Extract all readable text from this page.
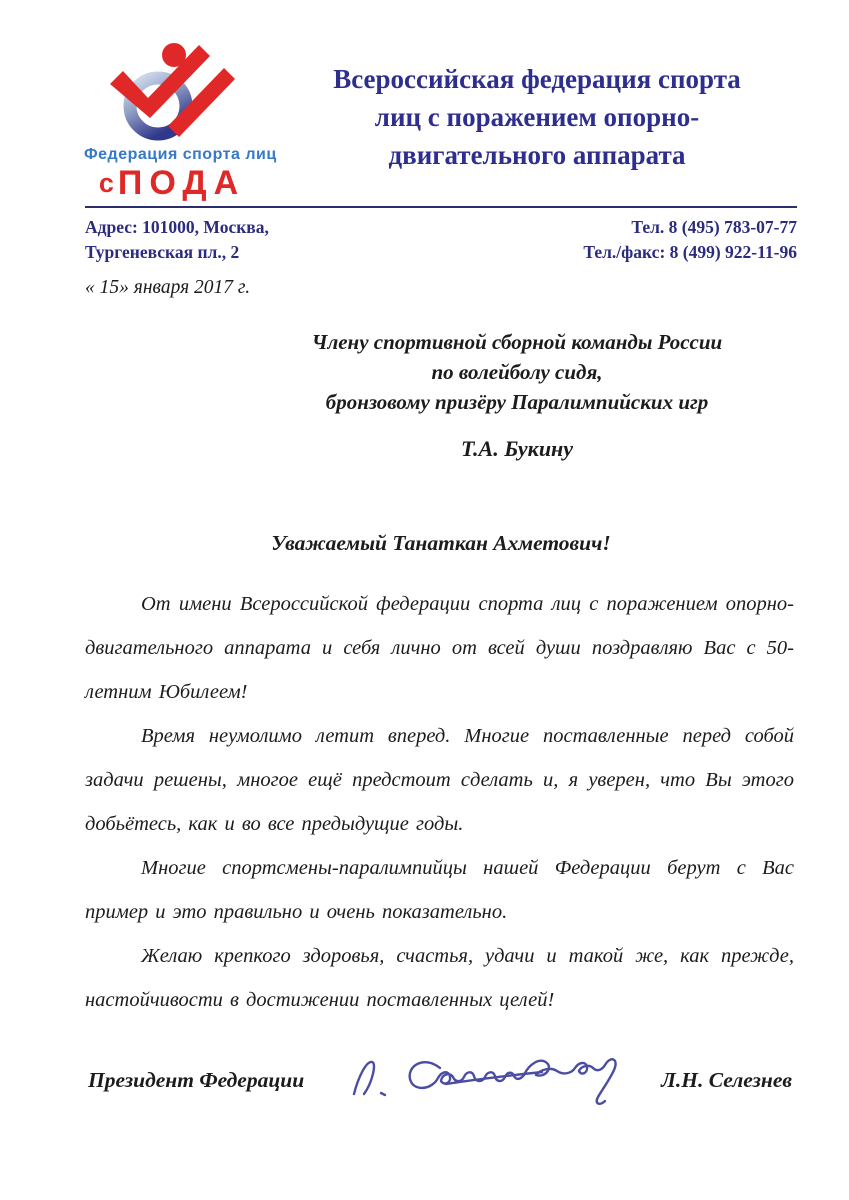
Федерация спорта лиц
сПОДА
Всероссийская федерация спорта
лиц с поражением опорно-
двигательного аппарата
Адрес: 101000, Москва,
Тургеневская пл., 2
Тел. 8 (495) 783-07-77
Тел./факс: 8 (499) 922-11-96
« 15» января 2017 г.
Члену спортивной сборной команды России
по волейболу сидя,
бронзовому призёру Паралимпийских игр
Т.А. Букину
Уважаемый Танаткан Ахметович!

От имени Всероссийской федерации спорта лиц с поражением опорно-двигательного аппарата и себя лично от всей души поздравляю Вас с 50-летним Юбилеем!

Время неумолимо летит вперед. Многие поставленные перед собой задачи решены, многое ещё предстоит сделать и, я уверен, что Вы этого добьётесь, как и во все предыдущие годы.

Многие спортсмены-паралимпийцы нашей Федерации берут с Вас пример и это правильно и очень показательно.

Желаю крепкого здоровья, счастья, удачи и такой же, как прежде, настойчивости в достижении поставленных целей!

Президент Федерации	Л.Н. Селезнев
